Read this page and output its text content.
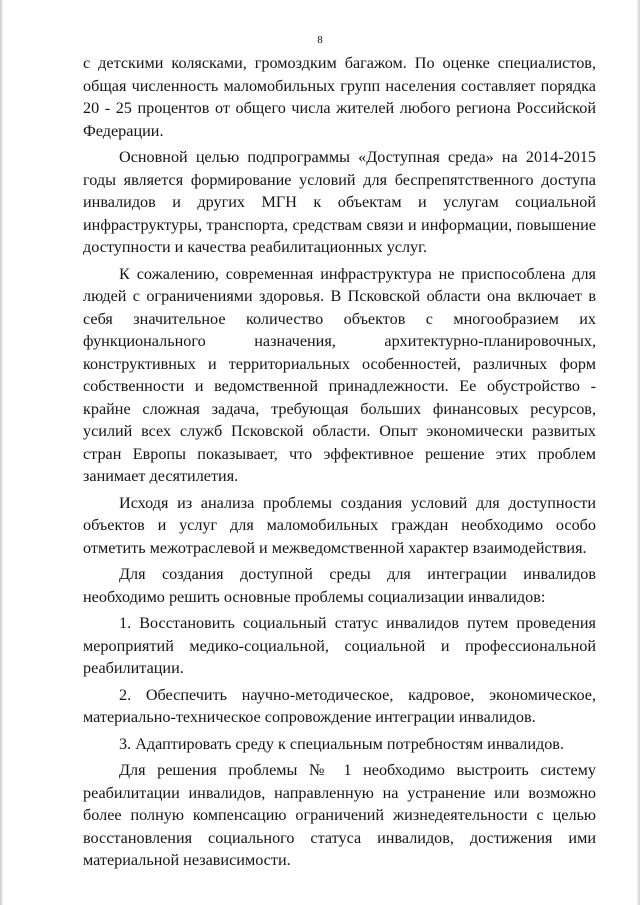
8

с детскими колясками, громоздким багажом. По оценке специалистов, общая численность маломобильных групп населения составляет порядка 20 - 25 процентов от общего числа жителей любого региона Российской Федерации.

Основной целью подпрограммы «Доступная среда» на 2014-2015 годы является формирование условий для беспрепятственного доступа инвалидов и других МГН к объектам и услугам социальной инфраструктуры, транспорта, средствам связи и информации, повышение доступности и качества реабилитационных услуг.

К сожалению, современная инфраструктура не приспособлена для людей с ограничениями здоровья. В Псковской области она включает в себя значительное количество объектов с многообразием их функционального назначения, архитектурно-планировочных, конструктивных и территориальных особенностей, различных форм собственности и ведомственной принадлежности. Ее обустройство - крайне сложная задача, требующая больших финансовых ресурсов, усилий всех служб Псковской области. Опыт экономически развитых стран Европы показывает, что эффективное решение этих проблем занимает десятилетия.

Исходя из анализа проблемы создания условий для доступности объектов и услуг для маломобильных граждан необходимо особо отметить межотраслевой и межведомственной характер взаимодействия.

Для создания доступной среды для интеграции инвалидов необходимо решить основные проблемы социализации инвалидов:

1. Восстановить социальный статус инвалидов путем проведения мероприятий медико-социальной, социальной и профессиональной реабилитации.

2. Обеспечить научно-методическое, кадровое, экономическое, материально-техническое сопровождение интеграции инвалидов.

3. Адаптировать среду к специальным потребностям инвалидов.

Для решения проблемы № 1 необходимо выстроить систему реабилитации инвалидов, направленную на устранение или возможно более полную компенсацию ограничений жизнедеятельности с целью восстановления социального статуса инвалидов, достижения ими материальной независимости.
